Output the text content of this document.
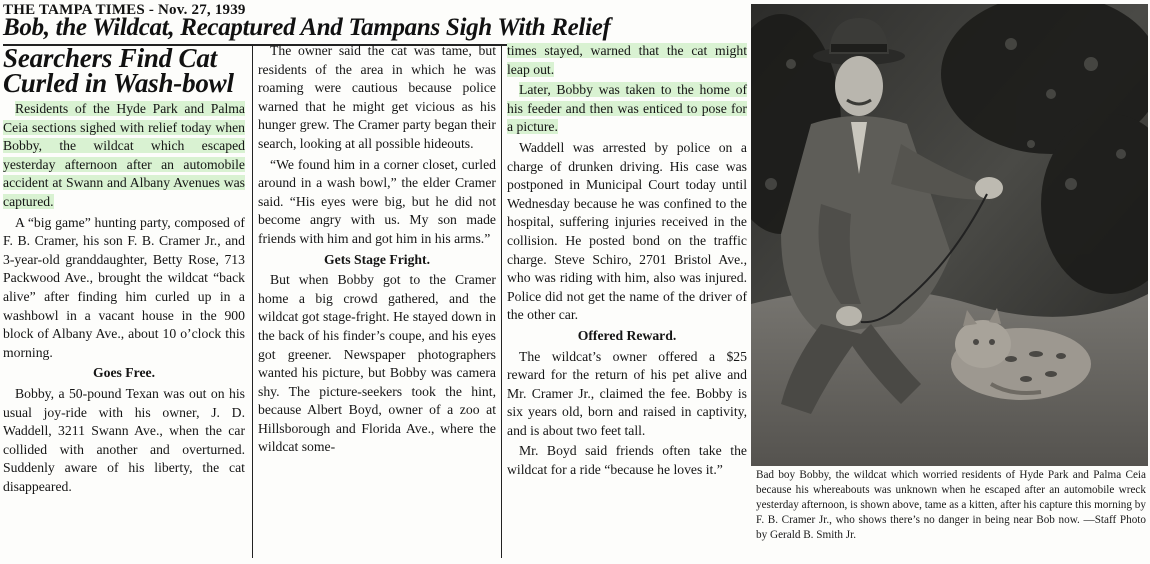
THE TAMPA TIMES - Nov. 27, 1939
Bob, the Wildcat, Recaptured And Tampans Sigh With Relief
Searchers Find Cat
Curled in Wash-bowl

Residents of the Hyde Park and Palma Ceia sections sighed with relief today when Bobby, the wildcat which escaped yesterday afternoon after an automobile accident at Swann and Albany Avenues was captured.

A “big game” hunting party, composed of F. B. Cramer, his son F. B. Cramer Jr., and 3-year-old granddaughter, Betty Rose, 713 Packwood Ave., brought the wildcat “back alive” after finding him curled up in a washbowl in a vacant house in the 900 block of Albany Ave., about 10 o’clock this morning.

Goes Free.

Bobby, a 50-pound Texan was out on his usual joy-ride with his owner, J. D. Waddell, 3211 Swann Ave., when the car collided with another and overturned. Suddenly aware of his liberty, the cat disappeared.

The owner said the cat was tame, but residents of the area in which he was roaming were cautious because police warned that he might get vicious as his hunger grew. The Cramer party began their search, looking at all possible hideouts.

“We found him in a corner closet, curled around in a wash bowl,” the elder Cramer said. “His eyes were big, but he did not become angry with us. My son made friends with him and got him in his arms.”

Gets Stage Fright.

But when Bobby got to the Cramer home a big crowd gathered, and the wildcat got stage-fright. He stayed down in the back of his finder’s coupe, and his eyes got greener. Newspaper photographers wanted his picture, but Bobby was camera shy. The picture-seekers took the hint, because Albert Boyd, owner of a zoo at Hillsborough and Florida Ave., where the wildcat some-

times stayed, warned that the cat might leap out.

Later, Bobby was taken to the home of his feeder and then was enticed to pose for a picture.

Waddell was arrested by police on a charge of drunken driving. His case was postponed in Municipal Court today until Wednesday because he was confined to the hospital, suffering injuries received in the collision. He posted bond on the traffic charge. Steve Schiro, 2701 Bristol Ave., who was riding with him, also was injured. Police did not get the name of the driver of the other car.

Offered Reward.

The wildcat’s owner offered a $25 reward for the return of his pet alive and Mr. Cramer Jr., claimed the fee. Bobby is six years old, born and raised in captivity, and is about two feet tall.

Mr. Boyd said friends often take the wildcat for a ride “because he loves it.”	Bad boy Bobby, the wildcat which worried residents of Hyde Park and Palma Ceia because his whereabouts was unknown when he escaped after an automobile wreck yesterday afternoon, is shown above, tame as a kitten, after his capture this morning by F. B. Cramer Jr., who shows there’s no danger in being near Bob now. —Staff Photo by Gerald B. Smith Jr.
